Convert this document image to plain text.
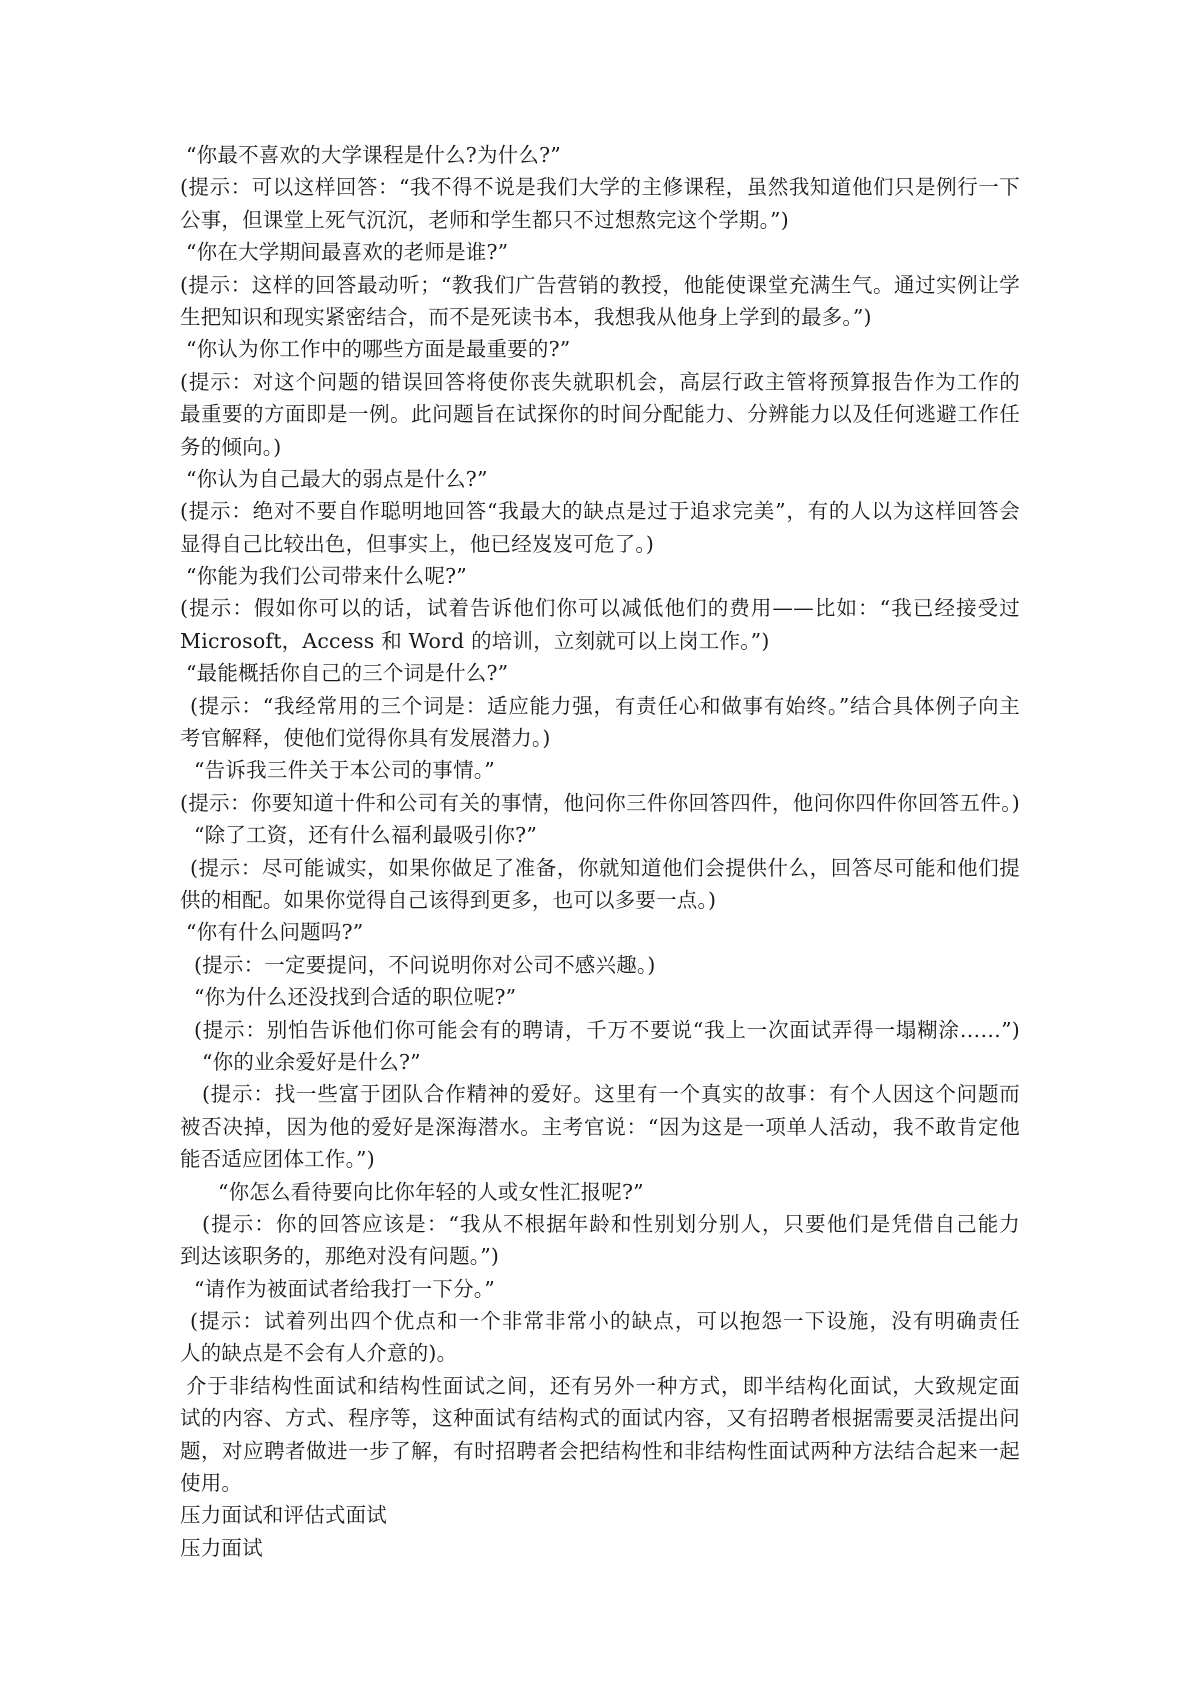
“你最不喜欢的大学课程是什么?为什么?”
(提示：可以这样回答：“我不得不说是我们大学的主修课程，虽然我知道他们只是例行一下
公事，但课堂上死气沉沉，老师和学生都只不过想熬完这个学期。”)
“你在大学期间最喜欢的老师是谁?”
(提示：这样的回答最动听；“教我们广告营销的教授，他能使课堂充满生气。通过实例让学
生把知识和现实紧密结合，而不是死读书本，我想我从他身上学到的最多。”)
“你认为你工作中的哪些方面是最重要的?”
(提示：对这个问题的错误回答将使你丧失就职机会，高层行政主管将预算报告作为工作的
最重要的方面即是一例。此问题旨在试探你的时间分配能力、分辨能力以及任何逃避工作任
务的倾向。)
“你认为自己最大的弱点是什么?”
(提示：绝对不要自作聪明地回答“我最大的缺点是过于追求完美”，有的人以为这样回答会
显得自己比较出色，但事实上，他已经岌岌可危了。)
“你能为我们公司带来什么呢?”
(提示：假如你可以的话，试着告诉他们你可以减低他们的费用——比如：“我已经接受过
Microsoft，Access 和 Word 的培训，立刻就可以上岗工作。”)
“最能概括你自己的三个词是什么?”
(提示：“我经常用的三个词是：适应能力强，有责任心和做事有始终。”结合具体例子向主
考官解释，使他们觉得你具有发展潜力。)
“告诉我三件关于本公司的事情。”
(提示：你要知道十件和公司有关的事情，他问你三件你回答四件，他问你四件你回答五件。)
“除了工资，还有什么福利最吸引你?”
(提示：尽可能诚实，如果你做足了准备，你就知道他们会提供什么，回答尽可能和他们提
供的相配。如果你觉得自己该得到更多，也可以多要一点。)
“你有什么问题吗?”
(提示：一定要提问，不问说明你对公司不感兴趣。)
“你为什么还没找到合适的职位呢?”
(提示：别怕告诉他们你可能会有的聘请，千万不要说“我上一次面试弄得一塌糊涂……”)
“你的业余爱好是什么?”
(提示：找一些富于团队合作精神的爱好。这里有一个真实的故事：有个人因这个问题而
被否决掉，因为他的爱好是深海潜水。主考官说：“因为这是一项单人活动，我不敢肯定他
能否适应团体工作。”)
“你怎么看待要向比你年轻的人或女性汇报呢?”
(提示：你的回答应该是：“我从不根据年龄和性别划分别人，只要他们是凭借自己能力
到达该职务的，那绝对没有问题。”)
“请作为被面试者给我打一下分。”
(提示：试着列出四个优点和一个非常非常小的缺点，可以抱怨一下设施，没有明确责任
人的缺点是不会有人介意的)。
介于非结构性面试和结构性面试之间，还有另外一种方式，即半结构化面试，大致规定面
试的内容、方式、程序等，这种面试有结构式的面试内容，又有招聘者根据需要灵活提出问
题，对应聘者做进一步了解，有时招聘者会把结构性和非结构性面试两种方法结合起来一起
使用。
压力面试和评估式面试
压力面试
